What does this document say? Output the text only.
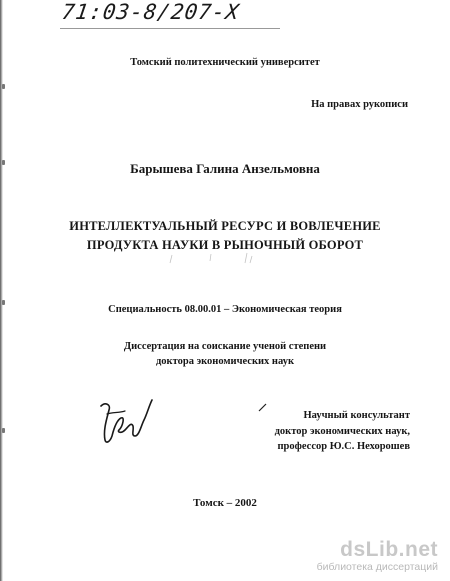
71:03-8/207-X
Томский политехнический университет
На правах рукописи
Барышева Галина Анзельмовна
ИНТЕЛЛЕКТУАЛЬНЫЙ РЕСУРС И ВОВЛЕЧЕНИЕ
ПРОДУКТА НАУКИ В РЫНОЧНЫЙ ОБОРОТ
Специальность 08.00.01 – Экономическая теория
Диссертация на соискание ученой степени
доктора экономических наук
Научный консультант
доктор экономических наук,
профессор Ю.С. Нехорошев
Томск – 2002
dsLib.net
библиотека диссертаций
